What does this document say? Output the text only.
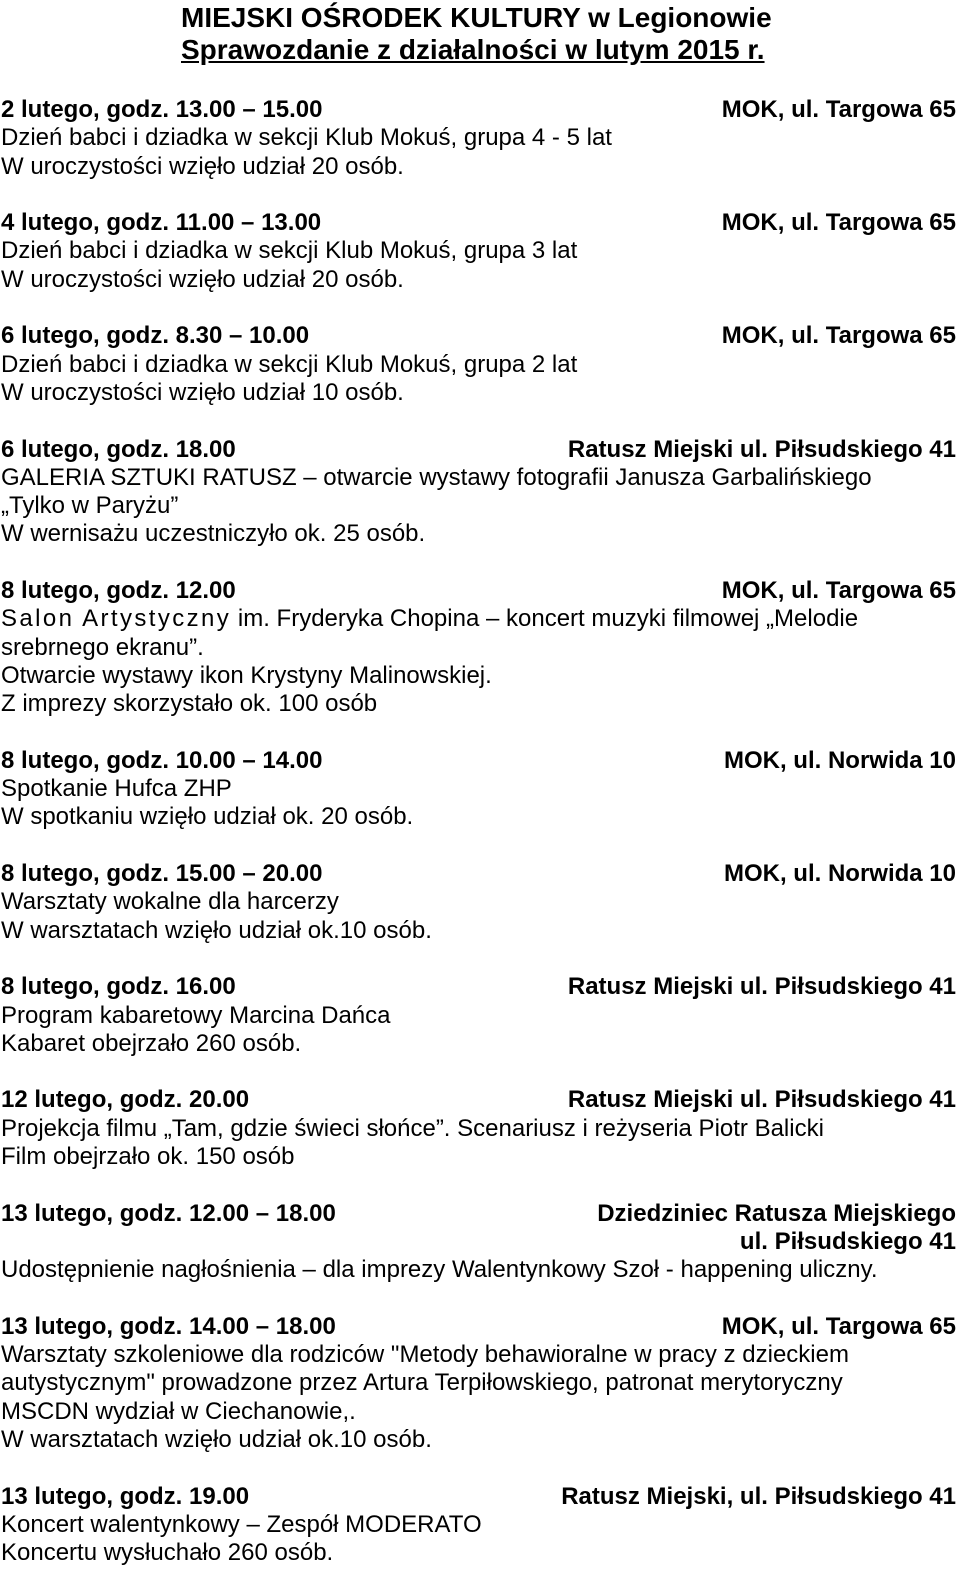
MIEJSKI OŚRODEK KULTURY w Legionowie
Sprawozdanie z działalności w lutym 2015 r.
2 lutego, godz. 13.00 – 15.00	MOK, ul. Targowa 65
Dzień babci i dziadka w sekcji Klub Mokuś, grupa 4 - 5 lat
W uroczystości wzięło udział 20 osób.
4 lutego, godz. 11.00 – 13.00	MOK, ul. Targowa 65
Dzień babci i dziadka w sekcji Klub Mokuś, grupa 3 lat
W uroczystości wzięło udział 20 osób.
6 lutego, godz. 8.30 – 10.00	MOK, ul. Targowa 65
Dzień babci i dziadka w sekcji Klub Mokuś, grupa 2 lat
W uroczystości wzięło udział 10 osób.
6 lutego, godz. 18.00	Ratusz Miejski ul. Piłsudskiego 41
GALERIA SZTUKI RATUSZ – otwarcie wystawy fotografii Janusza Garbalińskiego
„Tylko w Paryżu”
W wernisażu uczestniczyło ok. 25 osób.
8 lutego, godz. 12.00	MOK, ul. Targowa 65
Salon Artystyczny im. Fryderyka Chopina – koncert muzyki filmowej „Melodie
srebrnego ekranu”.
Otwarcie wystawy ikon Krystyny Malinowskiej.
Z imprezy skorzystało ok. 100 osób
8 lutego, godz. 10.00 – 14.00	MOK, ul. Norwida 10
Spotkanie Hufca ZHP
W spotkaniu wzięło udział ok. 20 osób.
8 lutego, godz. 15.00 – 20.00	MOK, ul. Norwida 10
Warsztaty wokalne dla harcerzy
W warsztatach wzięło udział ok.10 osób.
8 lutego, godz. 16.00	Ratusz Miejski ul. Piłsudskiego 41
Program kabaretowy Marcina Dańca
Kabaret obejrzało 260 osób.
12 lutego, godz. 20.00	Ratusz Miejski ul. Piłsudskiego 41
Projekcja filmu „Tam, gdzie świeci słońce”. Scenariusz i reżyseria Piotr Balicki
Film obejrzało ok. 150 osób
13 lutego, godz. 12.00 – 18.00	Dziedziniec Ratusza Miejskiego
ul. Piłsudskiego 41
Udostępnienie nagłośnienia – dla imprezy Walentynkowy Szoł - happening uliczny.
13 lutego, godz. 14.00 – 18.00	MOK, ul. Targowa 65
Warsztaty szkoleniowe dla rodziców "Metody behawioralne w pracy z dzieckiem
autystycznym" prowadzone przez Artura Terpiłowskiego, patronat merytoryczny
MSCDN wydział w Ciechanowie,.
W warsztatach wzięło udział ok.10 osób.
13 lutego, godz. 19.00	Ratusz Miejski, ul. Piłsudskiego 41
Koncert walentynkowy – Zespół MODERATO
Koncertu wysłuchało 260 osób.
